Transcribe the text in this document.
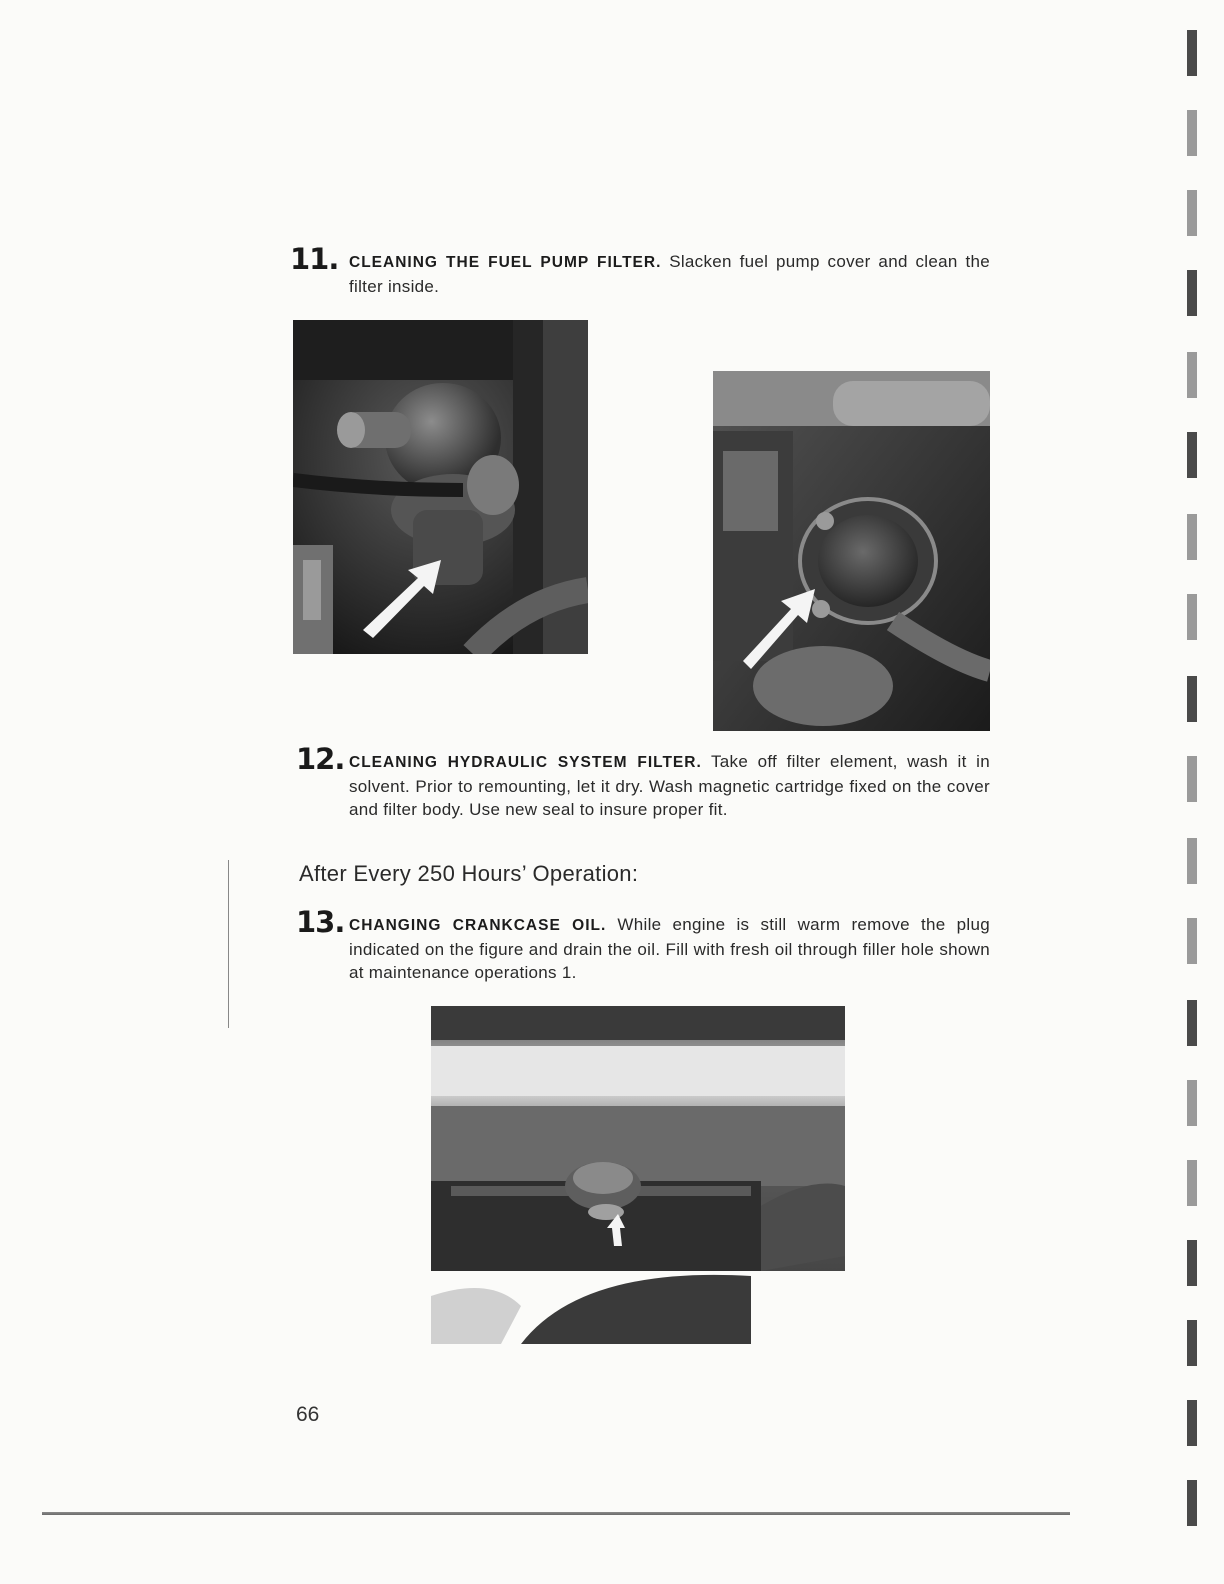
11. CLEANING THE FUEL PUMP FILTER. Slacken fuel pump cover and clean the filter inside.
12. CLEANING HYDRAULIC SYSTEM FILTER. Take off filter element, wash it in solvent. Prior to remounting, let it dry. Wash magnetic cartridge fixed on the cover and filter body. Use new seal to insure proper fit.
After Every 250 Hours’ Operation:
13. CHANGING CRANKCASE OIL. While engine is still warm remove the plug indicated on the figure and drain the oil. Fill with fresh oil through filler hole shown at maintenance operations 1.
66
